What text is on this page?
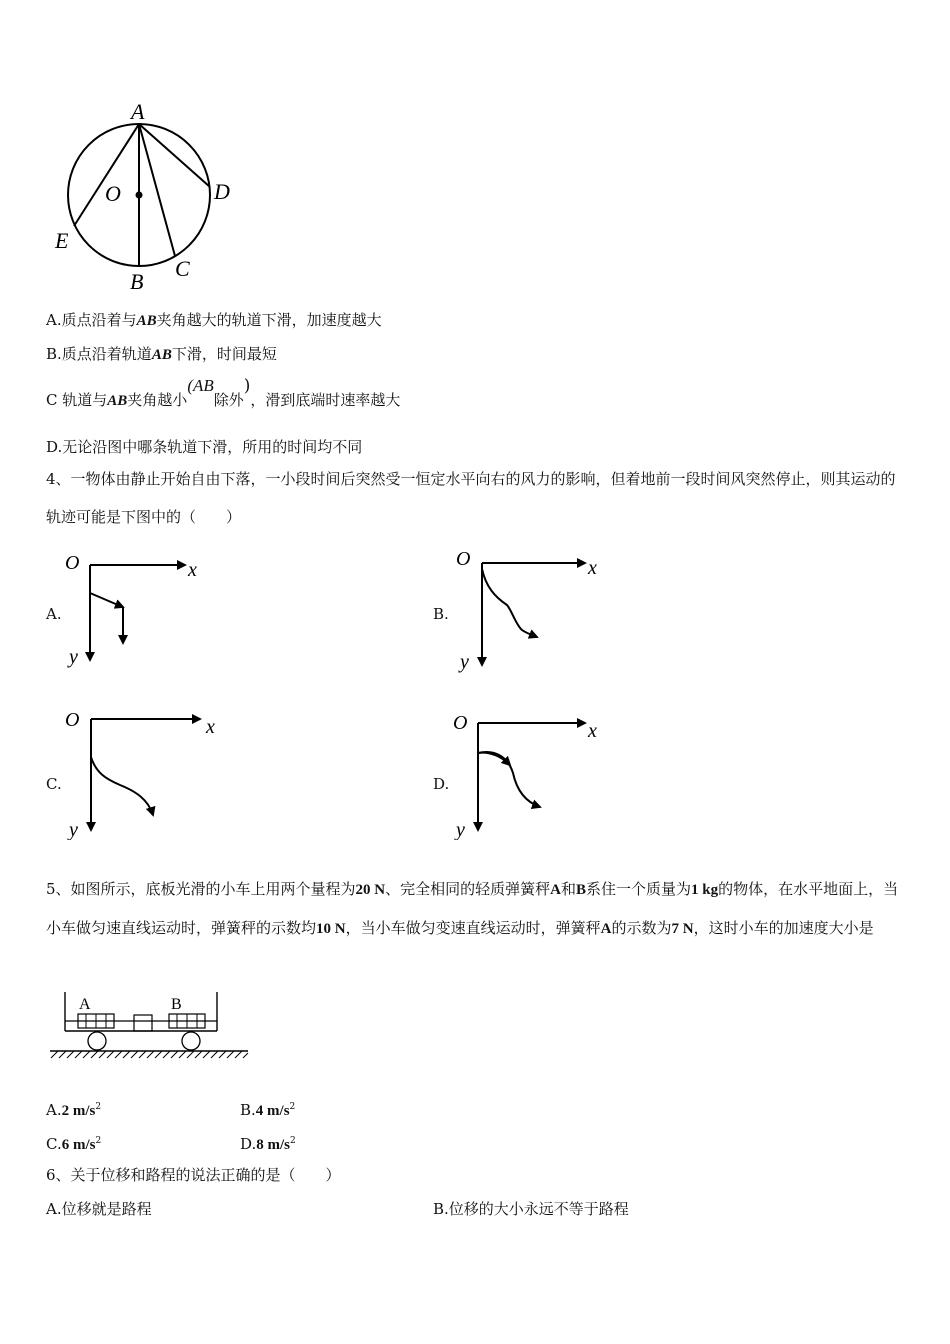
A
O	D
E
B
C
A.质点沿着与AB夹角越大的轨道下滑，加速度越大
B.质点沿着轨道AB下滑，时间最短
C 轨道与AB夹角越小(AB除外)，滑到底端时速率越大
D.无论沿图中哪条轨道下滑，所用的时间均不同
4、一物体由静止开始自由下落，一小段时间后突然受一恒定水平向右的风力的影响，但着地前一段时间风突然停止，则其运动的轨迹可能是下图中的（　　）
A.
O	x
y
B.
O	x
y
C.
O	x
y
D.
O	x
y
5、如图所示，底板光滑的小车上用两个量程为20 N、完全相同的轻质弹簧秤A和B系住一个质量为1 kg的物体，在水平地面上，当小车做匀速直线运动时，弹簧秤的示数均10 N，当小车做匀变速直线运动时，弹簧秤A的示数为7 N，这时小车的加速度大小是
A	B
A.2 $m/s^2$	B.4 $m/s^2$
C.6 $m/s^2$	D.8 $m/s^2$
6、关于位移和路程的说法正确的是（　　）
A.位移就是路程	B.位移的大小永远不等于路程
